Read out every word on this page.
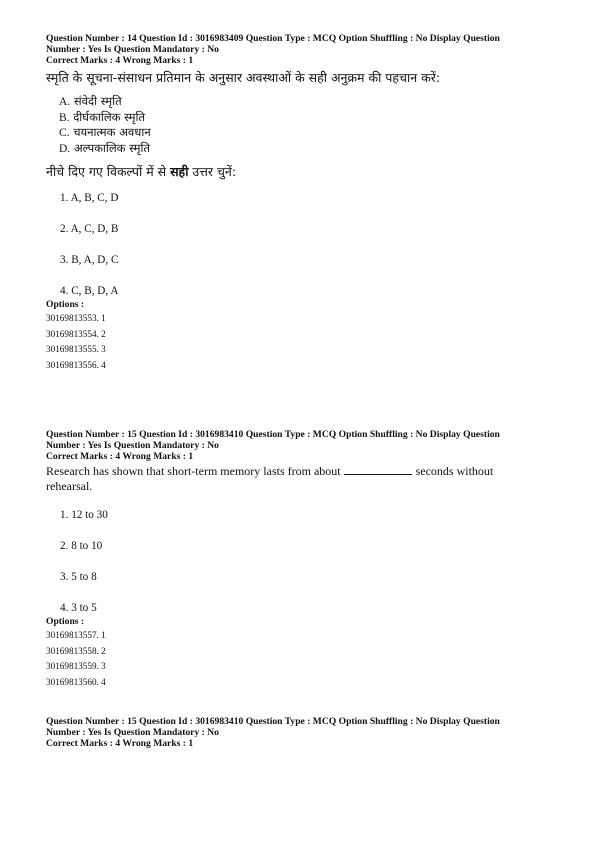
Question Number : 14 Question Id : 3016983409 Question Type : MCQ Option Shuffling : No Display Question

Number : Yes Is Question Mandatory : No

Correct Marks : 4 Wrong Marks : 1

स्मृति के सूचना-संसाधन प्रतिमान के अनुसार अवस्थाओं के सही अनुक्रम की पहचान करें:

A. संवेदी स्मृति
B. दीर्घकालिक स्मृति
C. चयनात्मक अवधान
D. अल्पकालिक स्मृति

नीचे दिए गए विकल्पों में से सही उत्तर चुनें:

1. A, B, C, D
2. A, C, D, B
3. B, A, D, C
4. C, B, D, A
Options :
30169813553. 1
30169813554. 2
30169813555. 3
30169813556. 4

Question Number : 15 Question Id : 3016983410 Question Type : MCQ Option Shuffling : No Display Question

Number : Yes Is Question Mandatory : No

Correct Marks : 4 Wrong Marks : 1

Research has shown that short-term memory lasts from about	seconds without
rehearsal.

1. 12 to 30
2. 8 to 10
3. 5 to 8
4. 3 to 5
Options :
30169813557. 1
30169813558. 2
30169813559. 3
30169813560. 4

Question Number : 15 Question Id : 3016983410 Question Type : MCQ Option Shuffling : No Display Question

Number : Yes Is Question Mandatory : No

Correct Marks : 4 Wrong Marks : 1
